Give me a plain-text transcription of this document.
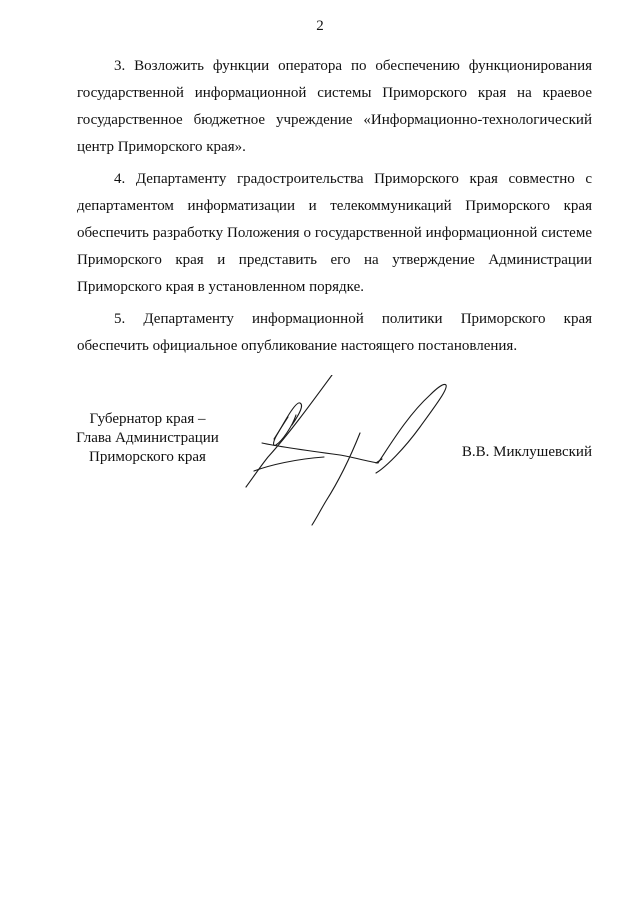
2

3. Возложить функции оператора по обеспечению функционирования государственной информационной системы Приморского края на краевое государственное бюджетное учреждение «Информационно-технологический центр Приморского края».

4. Департаменту градостроительства Приморского края совместно с департаментом информатизации и телекоммуникаций Приморского края обеспечить разработку Положения о государственной информационной системе Приморского края и представить его на утверждение Администрации Приморского края в установленном порядке.

5. Департаменту информационной политики Приморского края обеспечить официальное опубликование настоящего постановления.

Губернатор края –
Глава Администрации
Приморского края	В.В. Миклушевский
